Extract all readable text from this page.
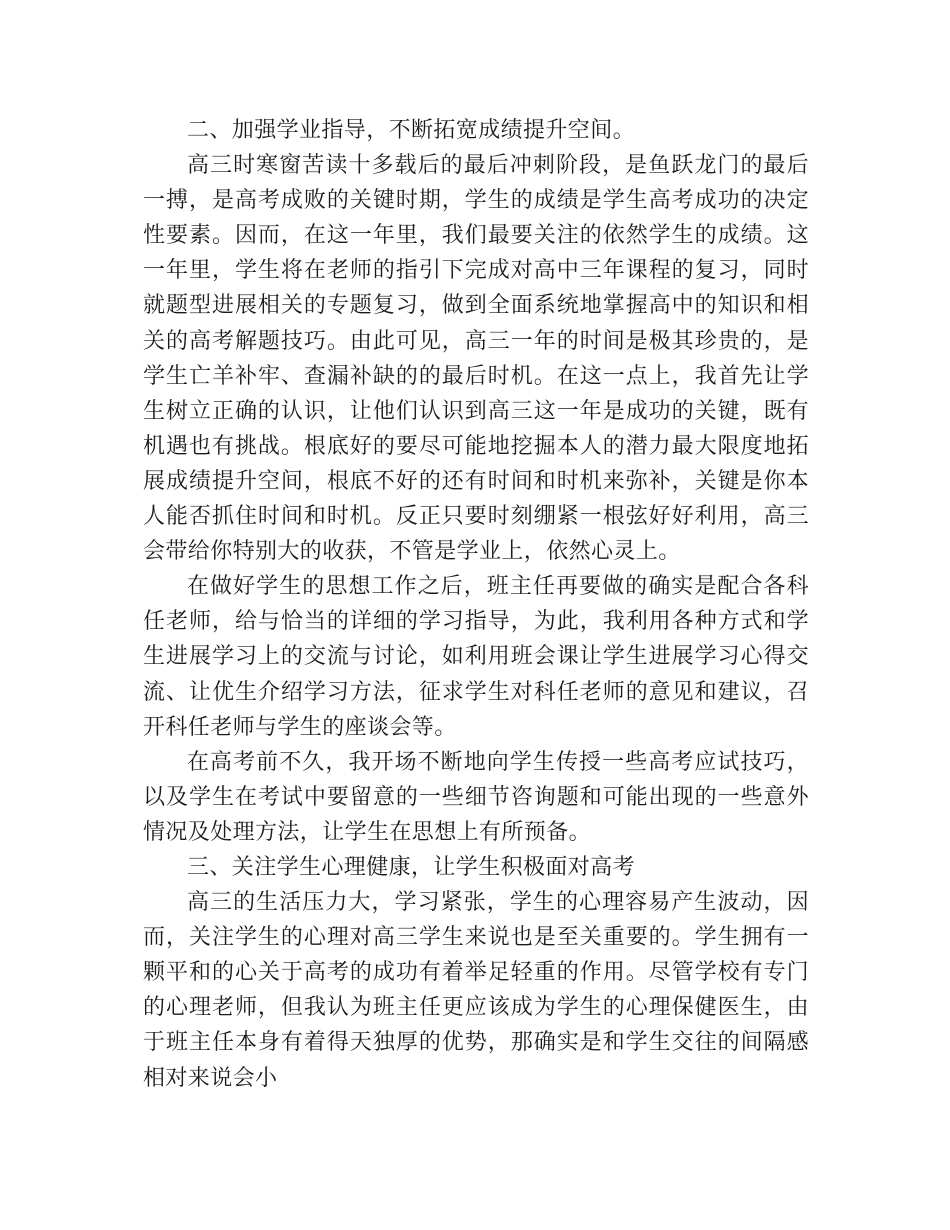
二、加强学业指导，不断拓宽成绩提升空间。

高三时寒窗苦读十多载后的最后冲刺阶段，是鱼跃龙门的最后一搏，是高考成败的关键时期，学生的成绩是学生高考成功的决定性要素。因而，在这一年里，我们最要关注的依然学生的成绩。这一年里，学生将在老师的指引下完成对高中三年课程的复习，同时就题型进展相关的专题复习，做到全面系统地掌握高中的知识和相关的高考解题技巧。由此可见，高三一年的时间是极其珍贵的，是学生亡羊补牢、查漏补缺的的最后时机。在这一点上，我首先让学生树立正确的认识，让他们认识到高三这一年是成功的关键，既有机遇也有挑战。根底好的要尽可能地挖掘本人的潜力最大限度地拓展成绩提升空间，根底不好的还有时间和时机来弥补，关键是你本人能否抓住时间和时机。反正只要时刻绷紧一根弦好好利用，高三会带给你特别大的收获，不管是学业上，依然心灵上。

在做好学生的思想工作之后，班主任再要做的确实是配合各科任老师，给与恰当的详细的学习指导，为此，我利用各种方式和学生进展学习上的交流与讨论，如利用班会课让学生进展学习心得交流、让优生介绍学习方法，征求学生对科任老师的意见和建议，召开科任老师与学生的座谈会等。

在高考前不久，我开场不断地向学生传授一些高考应试技巧，以及学生在考试中要留意的一些细节咨询题和可能出现的一些意外情况及处理方法，让学生在思想上有所预备。

三、关注学生心理健康，让学生积极面对高考

高三的生活压力大，学习紧张，学生的心理容易产生波动，因而，关注学生的心理对高三学生来说也是至关重要的。学生拥有一颗平和的心关于高考的成功有着举足轻重的作用。尽管学校有专门的心理老师，但我认为班主任更应该成为学生的心理保健医生，由于班主任本身有着得天独厚的优势，那确实是和学生交往的间隔感相对来说会小
